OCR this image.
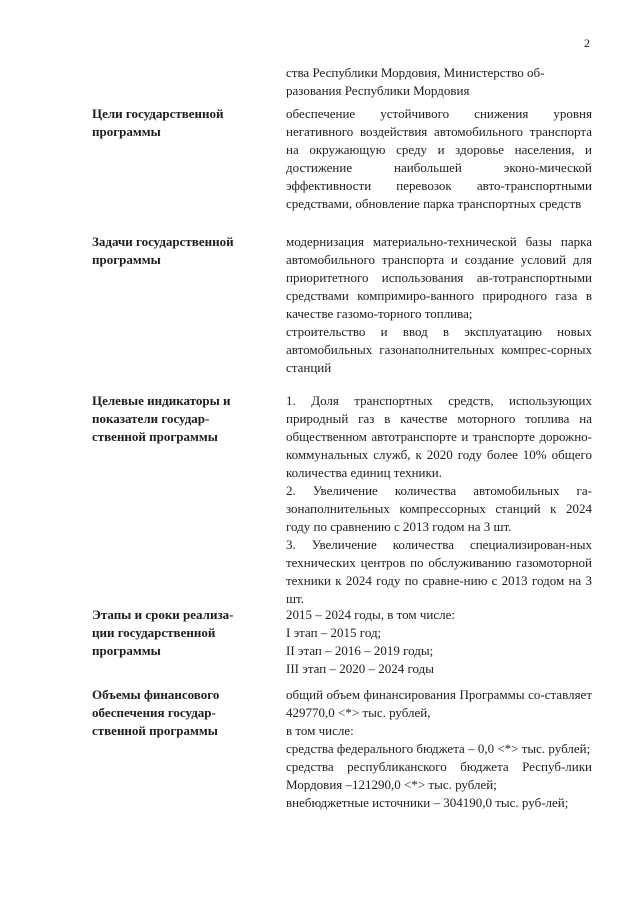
2
ства Республики Мордовия, Министерство об-
разования Республики Мордовия
Цели государственной
программы

обеспечение устойчивого снижения уровня негативного воздействия автомобильного транспорта на окружающую среду и здоровье населения, и достижение наибольшей эконо-мической эффективности перевозок авто-транспортными средствами, обновление парка транспортных средств

Задачи государственной
программы

модернизация материально-технической базы парка автомобильного транспорта и создание условий для приоритетного использования ав-тотранспортными средствами компримиро-ванного природного газа в качестве газомо-торного топлива;

строительство и ввод в эксплуатацию новых автомобильных газонаполнительных компрес-сорных станций

Целевые индикаторы и
показатели государ-
ственной программы

1. Доля транспортных средств, использующих природный газ в качестве моторного топлива на общественном автотранспорте и транспорте дорожно-коммунальных служб, к 2020 году более 10% общего количества единиц техники.

2. Увеличение количества автомобильных га-зонаполнительных компрессорных станций к 2024 году по сравнению с 2013 годом на 3 шт.

3. Увеличение количества специализирован-ных технических центров по обслуживанию газомоторной техники к 2024 году по сравне-нию с 2013 годом на 3 шт.

Этапы и сроки реализа-
ции государственной
программы

2015 – 2024 годы, в том числе:

I этап – 2015 год;

II этап – 2016 – 2019 годы;

III этап – 2020 – 2024 годы

Объемы финансового
обеспечения государ-
ственной программы

общий объем финансирования Программы со-ставляет 429770,0 <*> тыс. рублей,

в том числе:

средства федерального бюджета – 0,0 <*> тыс. рублей;

средства республиканского бюджета Респуб-лики Мордовия –121290,0 <*> тыс. рублей;

внебюджетные источники – 304190,0 тыс. руб-лей;
